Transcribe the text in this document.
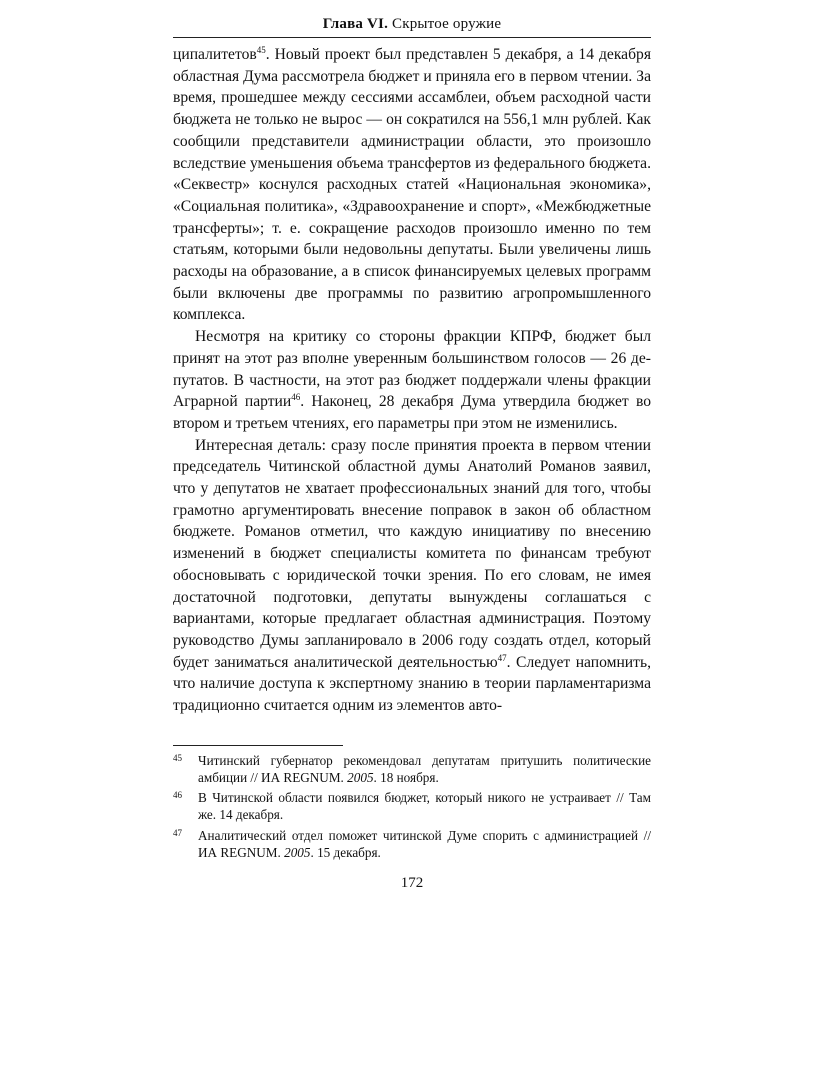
Глава VI. Скрытое оружие

ципалитетов$^{45}$. Новый проект был представлен 5 декабря, а 14 декабря областная Дума рассмотрела бюджет и приняла его в первом чтении. За время, прошедшее между сессиями ассамблеи, объем расходной части бюджета не только не вырос — он сократился на 556,1 млн рублей. Как сообщили представители администрации области, это произошло вследствие уменьшения объема трансфертов из федерального бюджета. «Секвестр» коснулся расходных статей «Национальная экономика», «Социальная политика», «Здравоохранение и спорт», «Межбюджетные трансферты»; т. е. сокращение расходов произошло именно по тем статьям, которыми были недовольны депутаты. Были увеличены лишь расходы на образование, а в список финансируемых целевых программ были включены две программы по развитию агропромышленного комплекса.

Несмотря на критику со стороны фракции КПРФ, бюджет был принят на этот раз вполне уверенным большинством голосов — 26 депутатов. В частности, на этот раз бюджет поддержали члены фракции Аграрной партии$^{46}$. Наконец, 28 декабря Дума утвердила бюджет во втором и третьем чтениях, его параметры при этом не изменились.

Интересная деталь: сразу после принятия проекта в первом чтении председатель Читинской областной думы Анатолий Романов заявил, что у депутатов не хватает профессиональных знаний для того, чтобы грамотно аргументировать внесение поправок в закон об областном бюджете. Романов отметил, что каждую инициативу по внесению изменений в бюджет специалисты комитета по финансам требуют обосновывать с юридической точки зрения. По его словам, не имея достаточной подготовки, депутаты вынуждены соглашаться с вариантами, которые предлагает областная администрация. Поэтому руководство Думы запланировало в 2006 году создать отдел, который будет заниматься аналитической деятельностью$^{47}$. Следует напомнить, что наличие доступа к экспертному знанию в теории парламентаризма традиционно считается одним из элементов авто-

45	Читинский губернатор рекомендовал депутатам притушить политические амбиции // ИА REGNUM. 2005. 18 ноября.
46	В Читинской области появился бюджет, который никого не устраивает // Там же. 14 декабря.
47	Аналитический отдел поможет читинской Думе спорить с администрацией // ИА REGNUM. 2005. 15 декабря.
172
